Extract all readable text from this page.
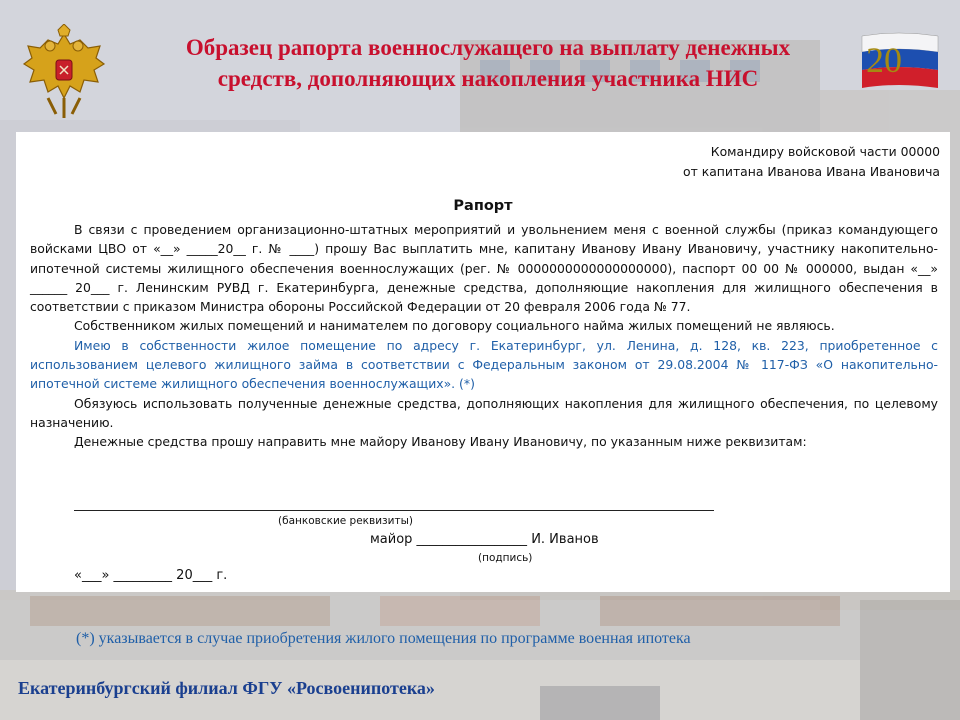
20
Образец рапорта военнослужащего на выплату денежных
средств, дополняющих накопления участника НИС
Командиру войсковой части 00000
от капитана Иванова Ивана Ивановича
Рапорт

В связи с проведением организационно-штатных мероприятий и увольнением меня с военной службы (приказ командующего войсками ЦВО от «__» _____20__ г. № ____) прошу Вас выплатить мне, капитану Иванову Ивану Ивановичу, участнику накопительно-ипотечной системы жилищного обеспечения военнослужащих (рег. № 0000000000000000000), паспорт 00 00 № 000000, выдан «__» ______ 20___ г. Ленинским РУВД г. Екатеринбурга, денежные средства, дополняющие накопления для жилищного обеспечения в соответствии с приказом Министра обороны Российской Федерации от 20 февраля 2006 года № 77.

Собственником жилых помещений и нанимателем по договору социального найма жилых помещений не являюсь.

Имею в собственности жилое помещение по адресу г. Екатеринбург, ул. Ленина, д. 128, кв. 223, приобретенное с использованием целевого жилищного займа в соответствии с Федеральным законом от 29.08.2004 № 117-ФЗ «О накопительно-ипотечной системе жилищного обеспечения военнослужащих». (*)

Обязуюсь использовать полученные денежные средства, дополняющих накопления для жилищного обеспечения, по целевому назначению.

Денежные средства прошу направить мне майору Иванову Ивану Ивановичу, по указанным ниже реквизитам:

(банковские реквизиты)
майор _________________ И. Иванов
(подпись)
«___» _________ 20___ г.
(*) указывается в случае приобретения жилого помещения по программе военная ипотека
Екатеринбургский филиал ФГУ «Росвоенипотека»
